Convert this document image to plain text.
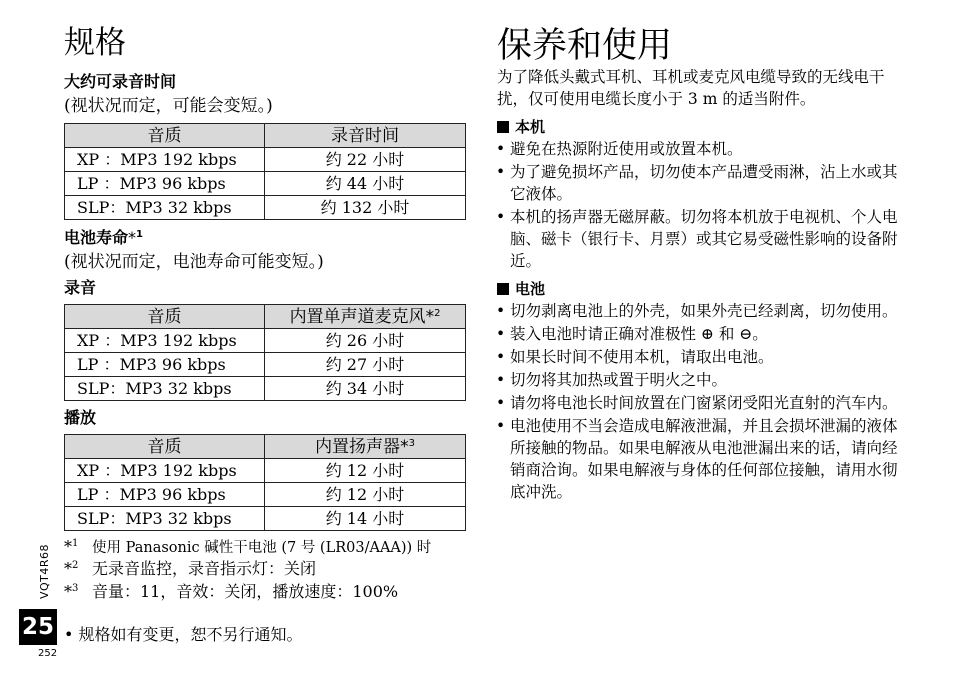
规格
大约可录音时间
(视状况而定，可能会变短。)
音质	录音时间
XP ：MP3 192 kbps	约 22 小时
LP ：MP3 96 kbps	约 44 小时
SLP：MP3 32 kbps	约 132 小时
电池寿命*$^1$
(视状况而定，电池寿命可能变短。)
录音
音质	内置单声道麦克风*$^2$
XP ：MP3 192 kbps	约 26 小时
LP ：MP3 96 kbps	约 27 小时
SLP：MP3 32 kbps	约 34 小时
播放
音质	内置扬声器*$^3$
XP ：MP3 192 kbps	约 12 小时
LP ：MP3 96 kbps	约 12 小时
SLP：MP3 32 kbps	约 14 小时
*$^1$ 使用 Panasonic 碱性干电池 (7 号 (LR03/AAA)) 时
*$^2$ 无录音监控，录音指示灯：关闭
*$^3$ 音量：11，音效：关闭，播放速度：100%
• 规格如有变更，恕不另行通知。
VQT4R68
25
252
保养和使用
为了降低头戴式耳机、耳机或麦克风电缆导致的无线电干扰，仅可使用电缆长度小于 3 m 的适当附件。
本机
• 避免在热源附近使用或放置本机。
• 为了避免损坏产品，切勿使本产品遭受雨淋，沾上水或其它液体。
• 本机的扬声器无磁屏蔽。切勿将本机放于电视机、个人电脑、磁卡（银行卡、月票）或其它易受磁性影响的设备附近。
电池
• 切勿剥离电池上的外壳，如果外壳已经剥离，切勿使用。
• 装入电池时请正确对准极性 ⊕ 和 ⊖。
• 如果长时间不使用本机，请取出电池。
• 切勿将其加热或置于明火之中。
• 请勿将电池长时间放置在门窗紧闭受阳光直射的汽车内。
• 电池使用不当会造成电解液泄漏，并且会损坏泄漏的液体所接触的物品。如果电解液从电池泄漏出来的话，请向经销商洽询。如果电解液与身体的任何部位接触，请用水彻底冲洗。
